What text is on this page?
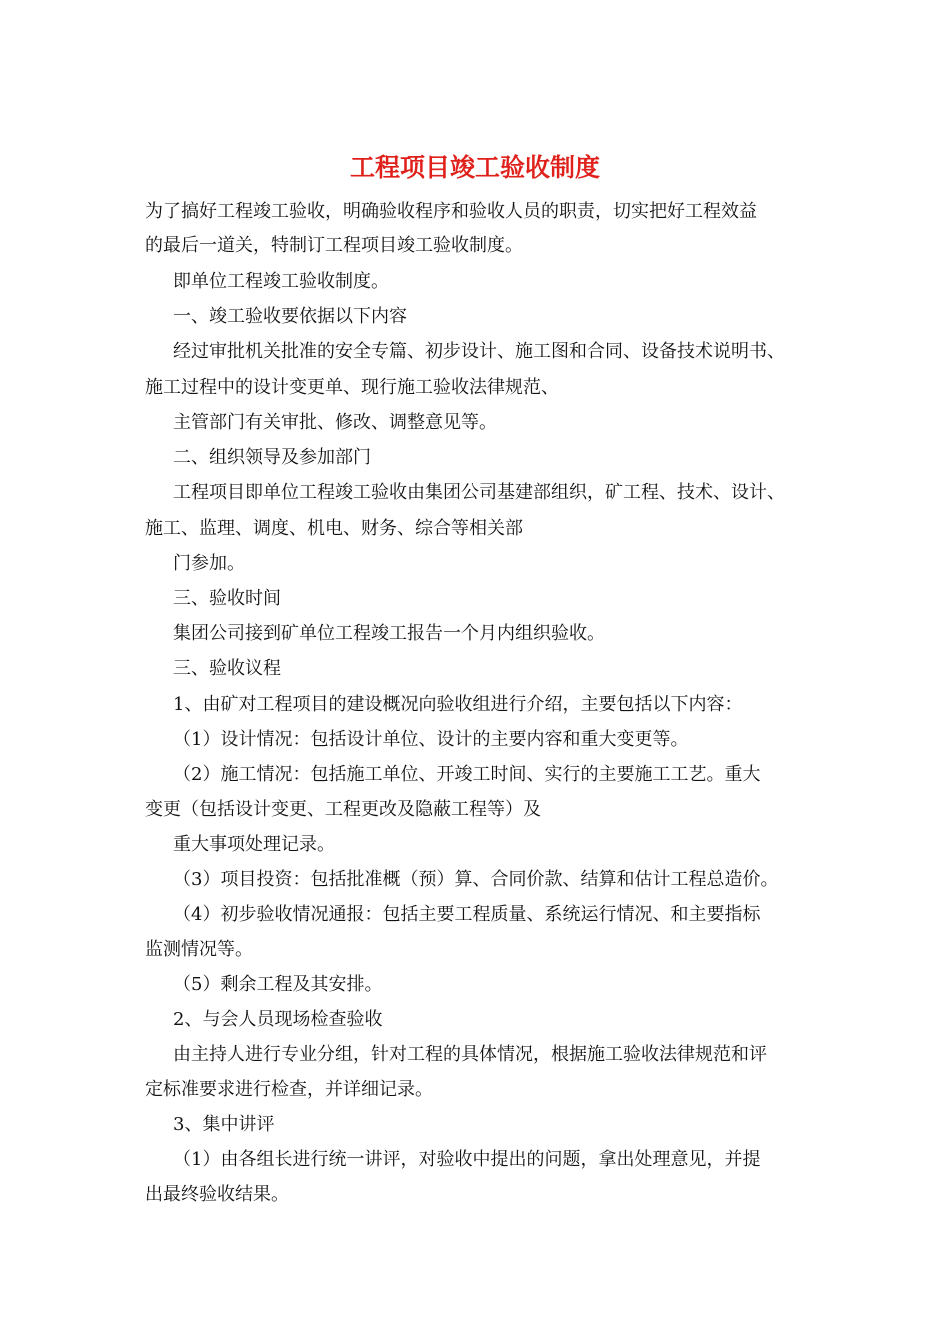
工程项目竣工验收制度
为了搞好工程竣工验收，明确验收程序和验收人员的职责，切实把好工程效益
的最后一道关，特制订工程项目竣工验收制度。
即单位工程竣工验收制度。
一、竣工验收要依据以下内容
经过审批机关批准的安全专篇、初步设计、施工图和合同、设备技术说明书、
施工过程中的设计变更单、现行施工验收法律规范、
主管部门有关审批、修改、调整意见等。
二、组织领导及参加部门
工程项目即单位工程竣工验收由集团公司基建部组织，矿工程、技术、设计、
施工、监理、调度、机电、财务、综合等相关部
门参加。
三、验收时间
集团公司接到矿单位工程竣工报告一个月内组织验收。
三、验收议程
1、由矿对工程项目的建设概况向验收组进行介绍，主要包括以下内容：
（1）设计情况：包括设计单位、设计的主要内容和重大变更等。
（2）施工情况：包括施工单位、开竣工时间、实行的主要施工工艺。重大
变更（包括设计变更、工程更改及隐蔽工程等）及
重大事项处理记录。
（3）项目投资：包括批准概（预）算、合同价款、结算和估计工程总造价。
（4）初步验收情况通报：包括主要工程质量、系统运行情况、和主要指标
监测情况等。
（5）剩余工程及其安排。
2、与会人员现场检查验收
由主持人进行专业分组，针对工程的具体情况，根据施工验收法律规范和评
定标准要求进行检查，并详细记录。
3、集中讲评
（1）由各组长进行统一讲评，对验收中提出的问题，拿出处理意见，并提
出最终验收结果。
